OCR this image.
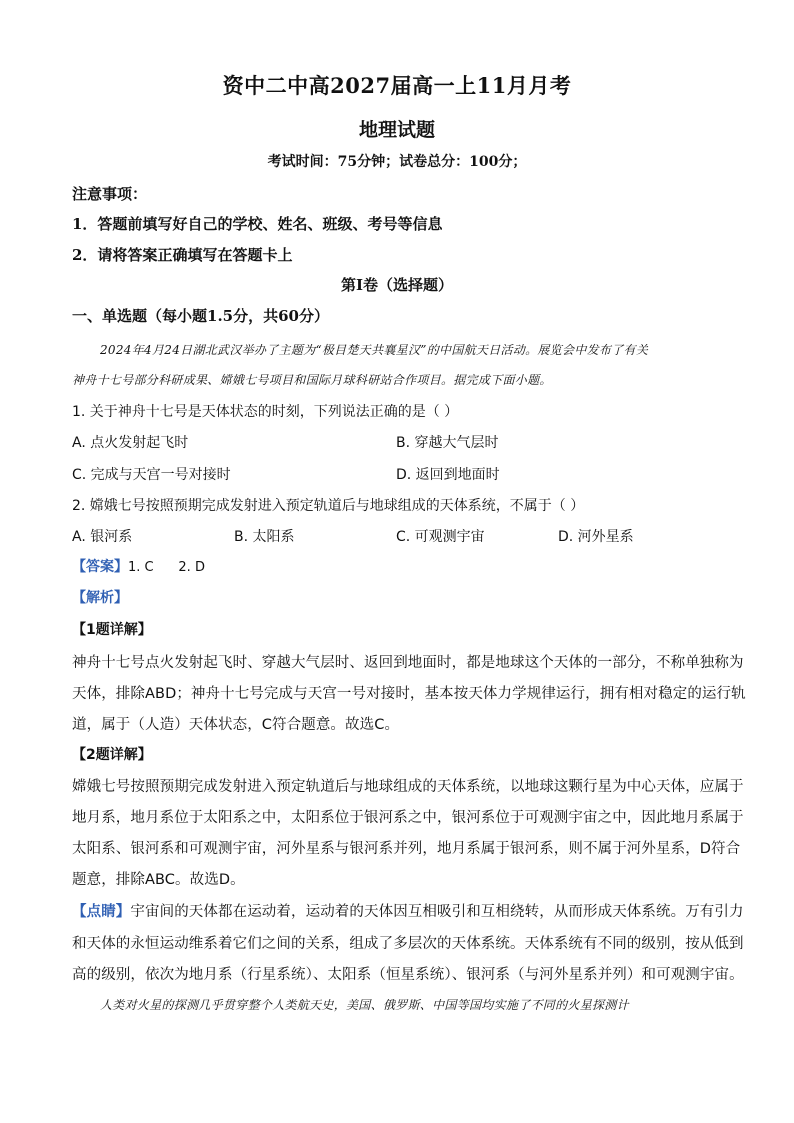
资中二中高2027届高一上11月月考
地理试题
考试时间：75分钟；试卷总分：100分；
注意事项：
1．答题前填写好自己的学校、姓名、班级、考号等信息
2．请将答案正确填写在答题卡上
第I卷（选择题）
一、单选题（每小题1.5分，共60分）
2024年4月24日湖北武汉举办了主题为“极目楚天共襄星汉”的中国航天日活动。展览会中发布了有关
神舟十七号部分科研成果、嫦娥七号项目和国际月球科研站合作项目。据完成下面小题。
1. 关于神舟十七号是天体状态的时刻，下列说法正确的是（ ）
A. 点火发射起飞时	B. 穿越大气层时
C. 完成与天宫一号对接时	D. 返回到地面时
2. 嫦娥七号按照预期完成发射进入预定轨道后与地球组成的天体系统，不属于（ ）
A. 银河系	B. 太阳系	C. 可观测宇宙	D. 河外星系
【答案】1. C      2. D
【解析】
【1题详解】
神舟十七号点火发射起飞时、穿越大气层时、返回到地面时，都是地球这个天体的一部分，不称单独称为
天体，排除ABD；神舟十七号完成与天宫一号对接时，基本按天体力学规律运行，拥有相对稳定的运行轨
道，属于（人造）天体状态，C符合题意。故选C。
【2题详解】
嫦娥七号按照预期完成发射进入预定轨道后与地球组成的天体系统，以地球这颗行星为中心天体，应属于
地月系，地月系位于太阳系之中，太阳系位于银河系之中，银河系位于可观测宇宙之中，因此地月系属于
太阳系、银河系和可观测宇宙，河外星系与银河系并列，地月系属于银河系，则不属于河外星系，D符合
题意，排除ABC。故选D。
【点睛】宇宙间的天体都在运动着，运动着的天体因互相吸引和互相绕转，从而形成天体系统。万有引力
和天体的永恒运动维系着它们之间的关系，组成了多层次的天体系统。天体系统有不同的级别，按从低到
高的级别，依次为地月系（行星系统）、太阳系（恒星系统）、银河系（与河外星系并列）和可观测宇宙。
人类对火星的探测几乎贯穿整个人类航天史，美国、俄罗斯、中国等国均实施了不同的火星探测计
